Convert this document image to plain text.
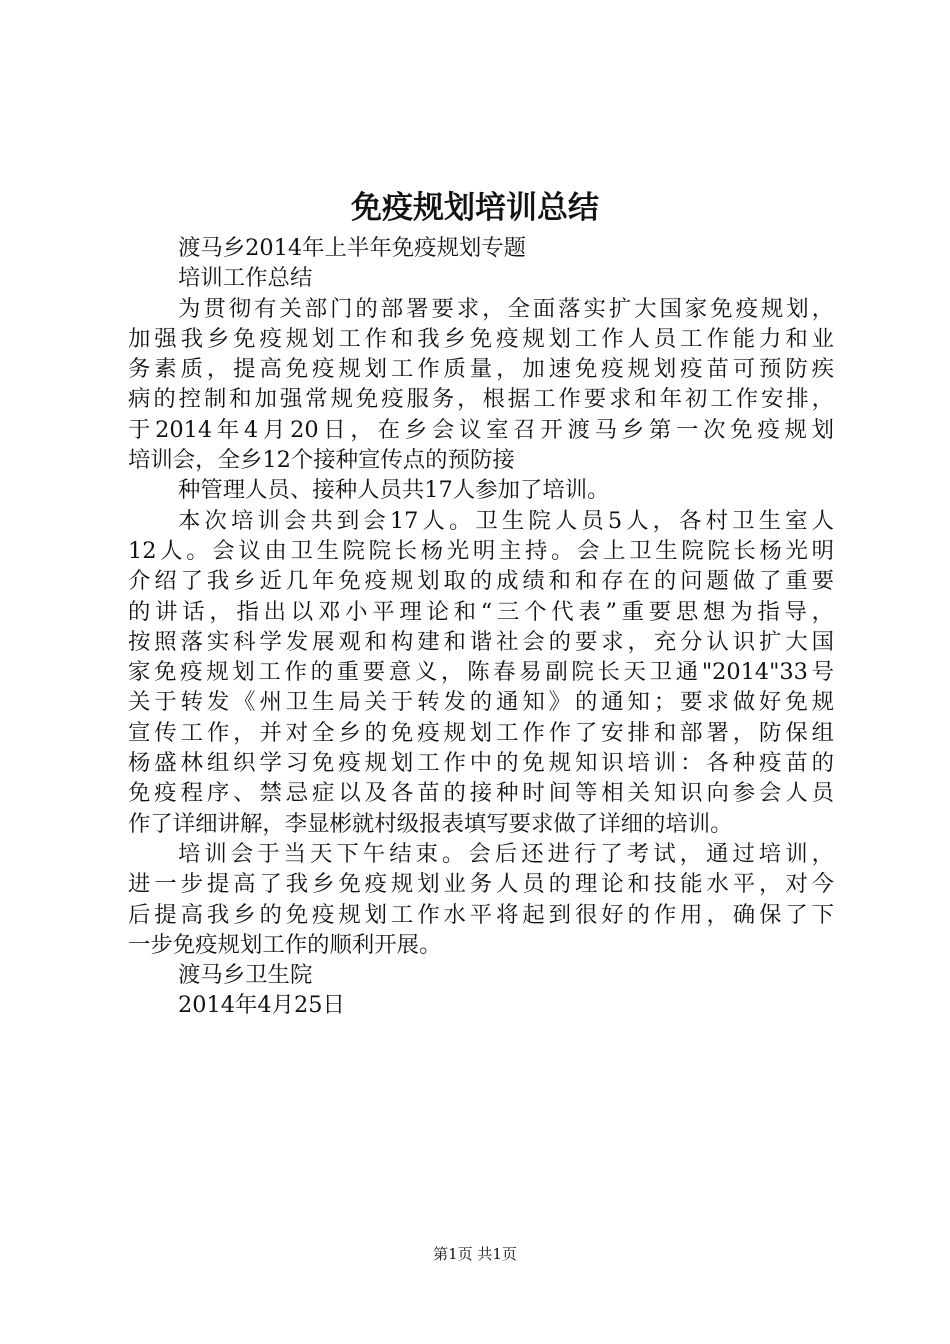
免疫规划培训总结
渡马乡2014年上半年免疫规划专题
培训工作总结
为贯彻有关部门的部署要求，全面落实扩大国家免疫规划，
加强我乡免疫规划工作和我乡免疫规划工作人员工作能力和业
务素质，提高免疫规划工作质量，加速免疫规划疫苗可预防疾
病的控制和加强常规免疫服务，根据工作要求和年初工作安排，
于2014年4月20日，在乡会议室召开渡马乡第一次免疫规划
培训会，全乡12个接种宣传点的预防接
种管理人员、接种人员共17人参加了培训。
本次培训会共到会17人。卫生院人员5人，各村卫生室人
12人。会议由卫生院院长杨光明主持。会上卫生院院长杨光明
介绍了我乡近几年免疫规划取的成绩和和存在的问题做了重要
的讲话，指出以邓小平理论和“三个代表”重要思想为指导，
按照落实科学发展观和构建和谐社会的要求，充分认识扩大国
家免疫规划工作的重要意义，陈春易副院长天卫通"2014"33号
关于转发《州卫生局关于转发的通知》的通知；要求做好免规
宣传工作，并对全乡的免疫规划工作作了安排和部署，防保组
杨盛林组织学习免疫规划工作中的免规知识培训：各种疫苗的
免疫程序、禁忌症以及各苗的接种时间等相关知识向参会人员
作了详细讲解，李显彬就村级报表填写要求做了详细的培训。
培训会于当天下午结束。会后还进行了考试，通过培训，
进一步提高了我乡免疫规划业务人员的理论和技能水平，对今
后提高我乡的免疫规划工作水平将起到很好的作用，确保了下
一步免疫规划工作的顺利开展。
渡马乡卫生院
2014年4月25日
第1页 共1页
